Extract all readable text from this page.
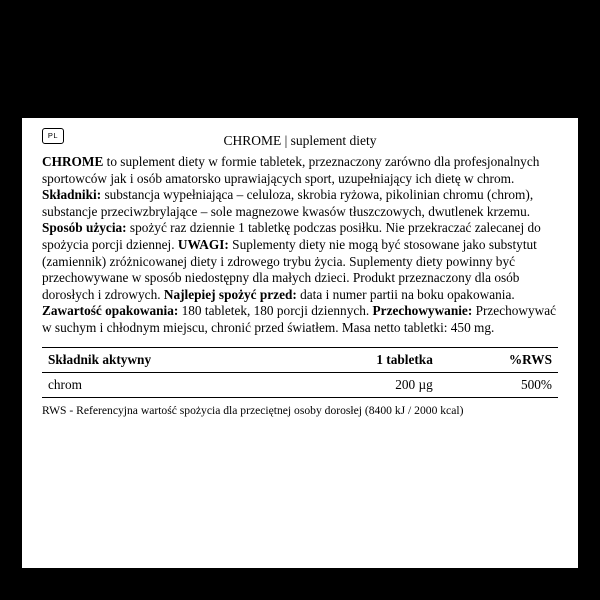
PL	CHROME | suplement diety
CHROME to suplement diety w formie tabletek, przeznaczony zarówno dla profesjonalnych sportowców jak i osób amatorsko uprawiających sport, uzupełniający ich dietę w chrom. Składniki: substancja wypełniająca – celuloza, skrobia ryżowa, pikolinian chromu (chrom), substancje przeciwzbrylające – sole magnezowe kwasów tłuszczowych, dwutlenek krzemu. Sposób użycia: spożyć raz dziennie 1 tabletkę podczas posiłku. Nie przekraczać zalecanej do spożycia porcji dziennej. UWAGI: Suplementy diety nie mogą być stosowane jako substytut (zamiennik) zróżnicowanej diety i zdrowego trybu życia. Suplementy diety powinny być przechowywane w sposób niedostępny dla małych dzieci. Produkt przeznaczony dla osób dorosłych i zdrowych. Najlepiej spożyć przed: data i numer partii na boku opakowania. Zawartość opakowania: 180 tabletek, 180 porcji dziennych. Przechowywanie: Przechowywać w suchym i chłodnym miejscu, chronić przed światłem. Masa netto tabletki: 450 mg.
Składnik aktywny	1 tabletka	%RWS
chrom	200 µg	500%
RWS - Referencyjna wartość spożycia dla przeciętnej osoby dorosłej (8400 kJ / 2000 kcal)
